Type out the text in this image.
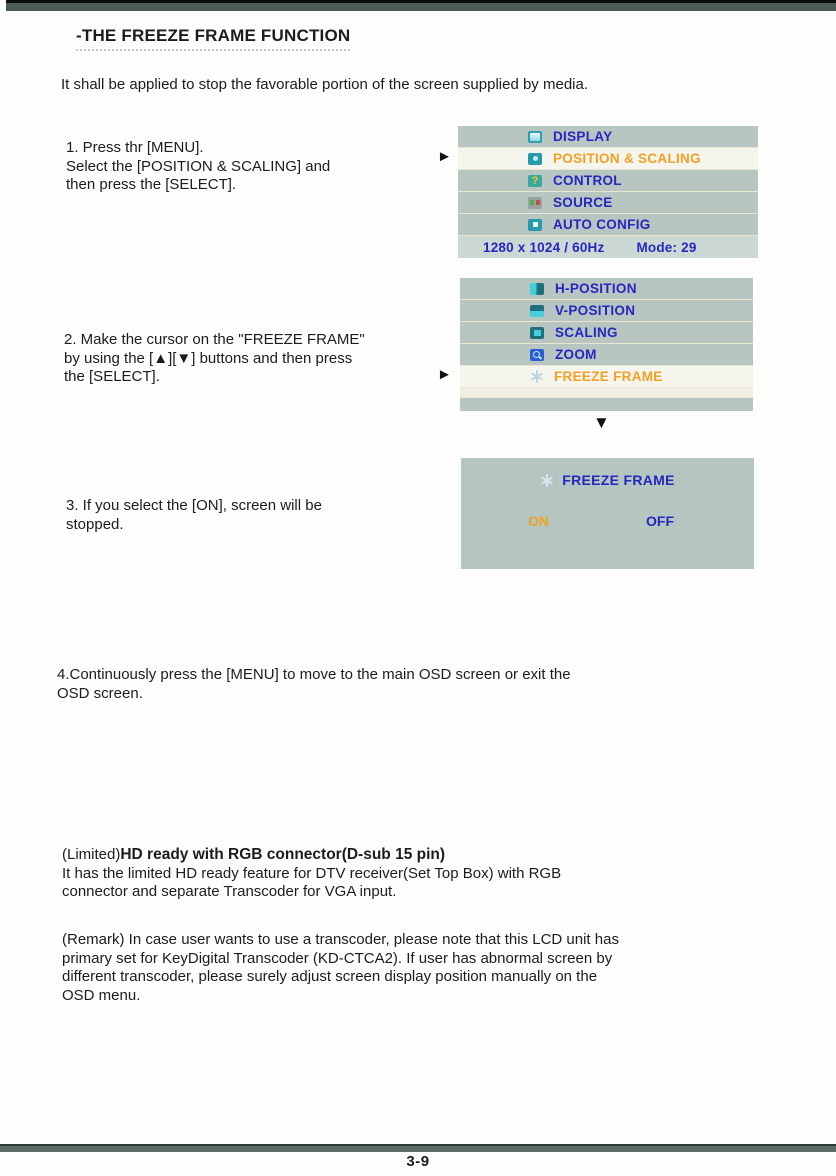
-THE FREEZE FRAME FUNCTION
It shall be applied to stop the favorable portion of the screen supplied by media.
1. Press thr [MENU].
Select the [POSITION & SCALING] and
then press the [SELECT].
►
DISPLAY
POSITION & SCALING
?
CONTROL
SOURCE
AUTO CONFIG
1280 x 1024 / 60Hz Mode: 29
2. Make the cursor on the "FREEZE FRAME"
by using the [▲][▼] buttons and then press
the [SELECT].	►
H-POSITION
V-POSITION
SCALING
ZOOM
FREEZE FRAME
▼
3. If you select the [ON], screen will be
stopped.
FREEZE FRAME
ON	OFF
4.Continuously press the [MENU] to move to the main OSD screen or exit the
OSD screen.
(Limited)HD ready with RGB connector(D-sub 15 pin)
It has the limited HD ready feature for DTV receiver(Set Top Box) with RGB
connector and separate Transcoder for VGA input.
(Remark) In case user wants to use a transcoder, please note that this LCD unit has
primary set for KeyDigital Transcoder (KD-CTCA2). If user has abnormal screen by
different transcoder, please surely adjust screen display position manually on the
OSD menu.
3-9
